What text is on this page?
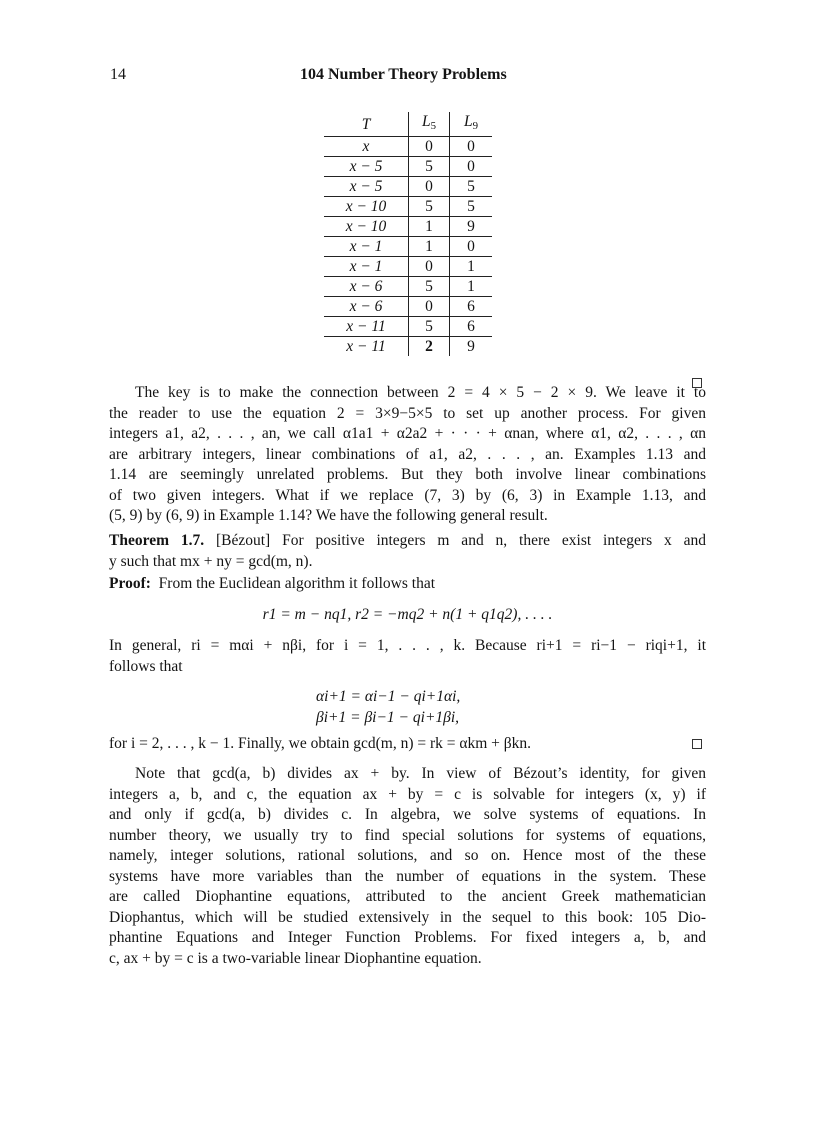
14	104 Number Theory Problems
T	$L_5$	$L_9$
x	0	0
x − 5	5	0
x − 5	0	5
x − 10	5	5
x − 10	1	9
x − 1	1	0
x − 1	0	1
x − 6	5	1
x − 6	0	6
x − 11	5	6
x − 11	2	9
The key is to make the connection between 2 = 4 × 5 − 2 × 9. We leave it to
the reader to use the equation 2 = 3×9−5×5 to set up another process. For given
integers a1, a2, . . . , an, we call α1a1 + α2a2 + · · · + αnan, where α1, α2, . . . , αn
are arbitrary integers, linear combinations of a1, a2, . . . , an. Examples 1.13 and
1.14 are seemingly unrelated problems. But they both involve linear combinations
of two given integers. What if we replace (7, 3) by (6, 3) in Example 1.13, and
(5, 9) by (6, 9) in Example 1.14? We have the following general result.
Theorem 1.7. [Bézout] For positive integers m and n, there exist integers x and
y such that mx + ny = gcd(m, n).
Proof: From the Euclidean algorithm it follows that
r1 = m − nq1, r2 = −mq2 + n(1 + q1q2), . . . .
In general, ri = mαi + nβi, for i = 1, . . . , k. Because ri+1 = ri−1 − riqi+1, it
follows that
αi+1 = αi−1 − qi+1αi,
βi+1 = βi−1 − qi+1βi,
for i = 2, . . . , k − 1. Finally, we obtain gcd(m, n) = rk = αkm + βkn.
Note that gcd(a, b) divides ax + by. In view of Bézout’s identity, for given
integers a, b, and c, the equation ax + by = c is solvable for integers (x, y) if
and only if gcd(a, b) divides c. In algebra, we solve systems of equations. In
number theory, we usually try to find special solutions for systems of equations,
namely, integer solutions, rational solutions, and so on. Hence most of the these
systems have more variables than the number of equations in the system. These
are called Diophantine equations, attributed to the ancient Greek mathematician
Diophantus, which will be studied extensively in the sequel to this book: 105 Dio-
phantine Equations and Integer Function Problems. For fixed integers a, b, and
c, ax + by = c is a two-variable linear Diophantine equation.
